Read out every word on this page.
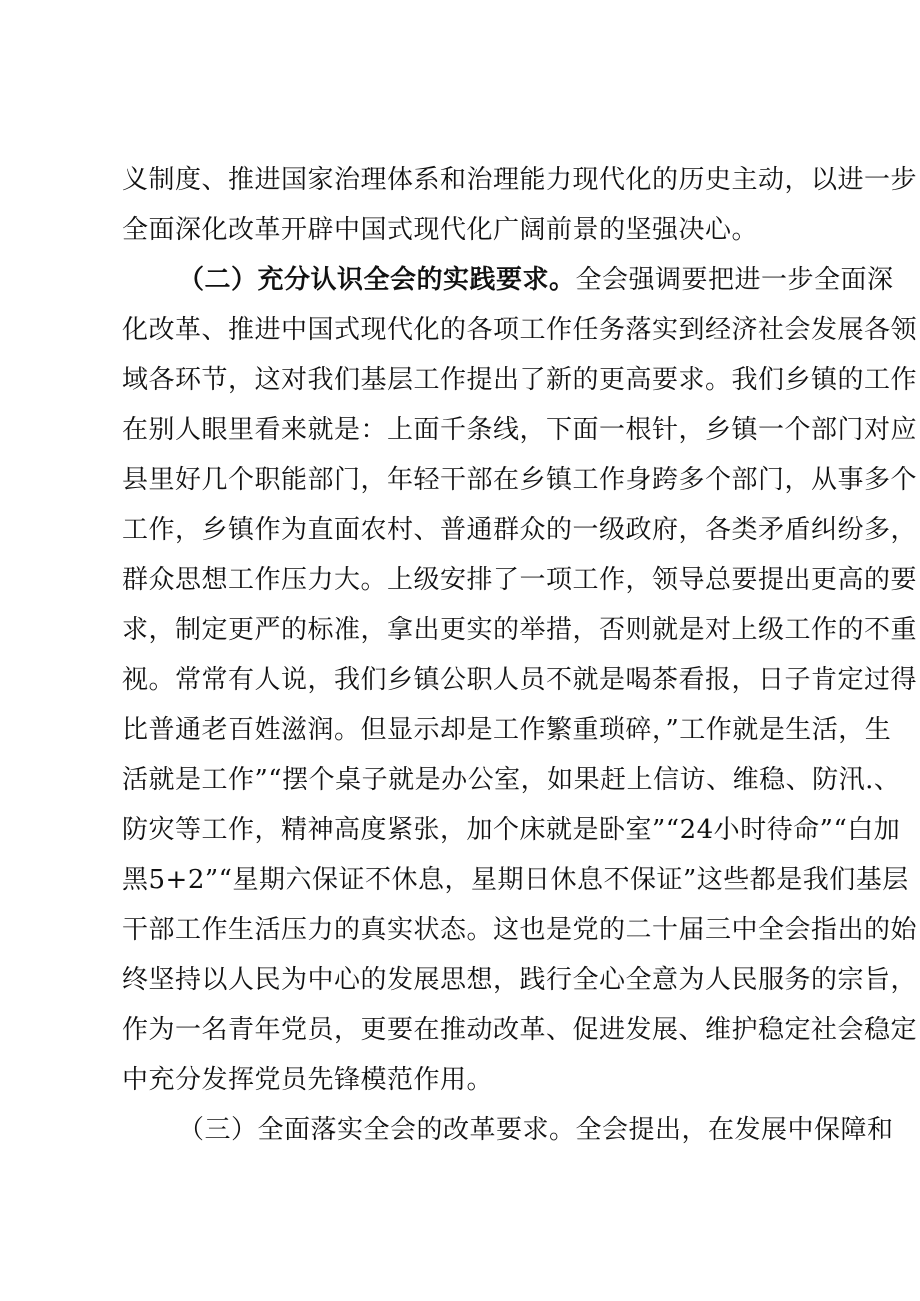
义制度、推进国家治理体系和治理能力现代化的历史主动，以进一步
全面深化改革开辟中国式现代化广阔前景的坚强决心。
（二）充分认识全会的实践要求。全会强调要把进一步全面深
化改革、推进中国式现代化的各项工作任务落实到经济社会发展各领
域各环节，这对我们基层工作提出了新的更高要求。我们乡镇的工作
在别人眼里看来就是：上面千条线，下面一根针，乡镇一个部门对应
县里好几个职能部门，年轻干部在乡镇工作身跨多个部门，从事多个
工作，乡镇作为直面农村、普通群众的一级政府，各类矛盾纠纷多，
群众思想工作压力大。上级安排了一项工作，领导总要提出更高的要
求，制定更严的标准，拿出更实的举措，否则就是对上级工作的不重
视。常常有人说，我们乡镇公职人员不就是喝茶看报，日子肯定过得
比普通老百姓滋润。但显示却是工作繁重琐碎，”工作就是生活，生
活就是工作”“摆个桌子就是办公室，如果赶上信访、维稳、防汛.、
防灾等工作，精神高度紧张，加个床就是卧室”“24小时待命”“白加
黑5+2”“星期六保证不休息，星期日休息不保证”这些都是我们基层
干部工作生活压力的真实状态。这也是党的二十届三中全会指出的始
终坚持以人民为中心的发展思想，践行全心全意为人民服务的宗旨，
作为一名青年党员，更要在推动改革、促进发展、维护稳定社会稳定
中充分发挥党员先锋模范作用。
（三）全面落实全会的改革要求。全会提出，在发展中保障和
